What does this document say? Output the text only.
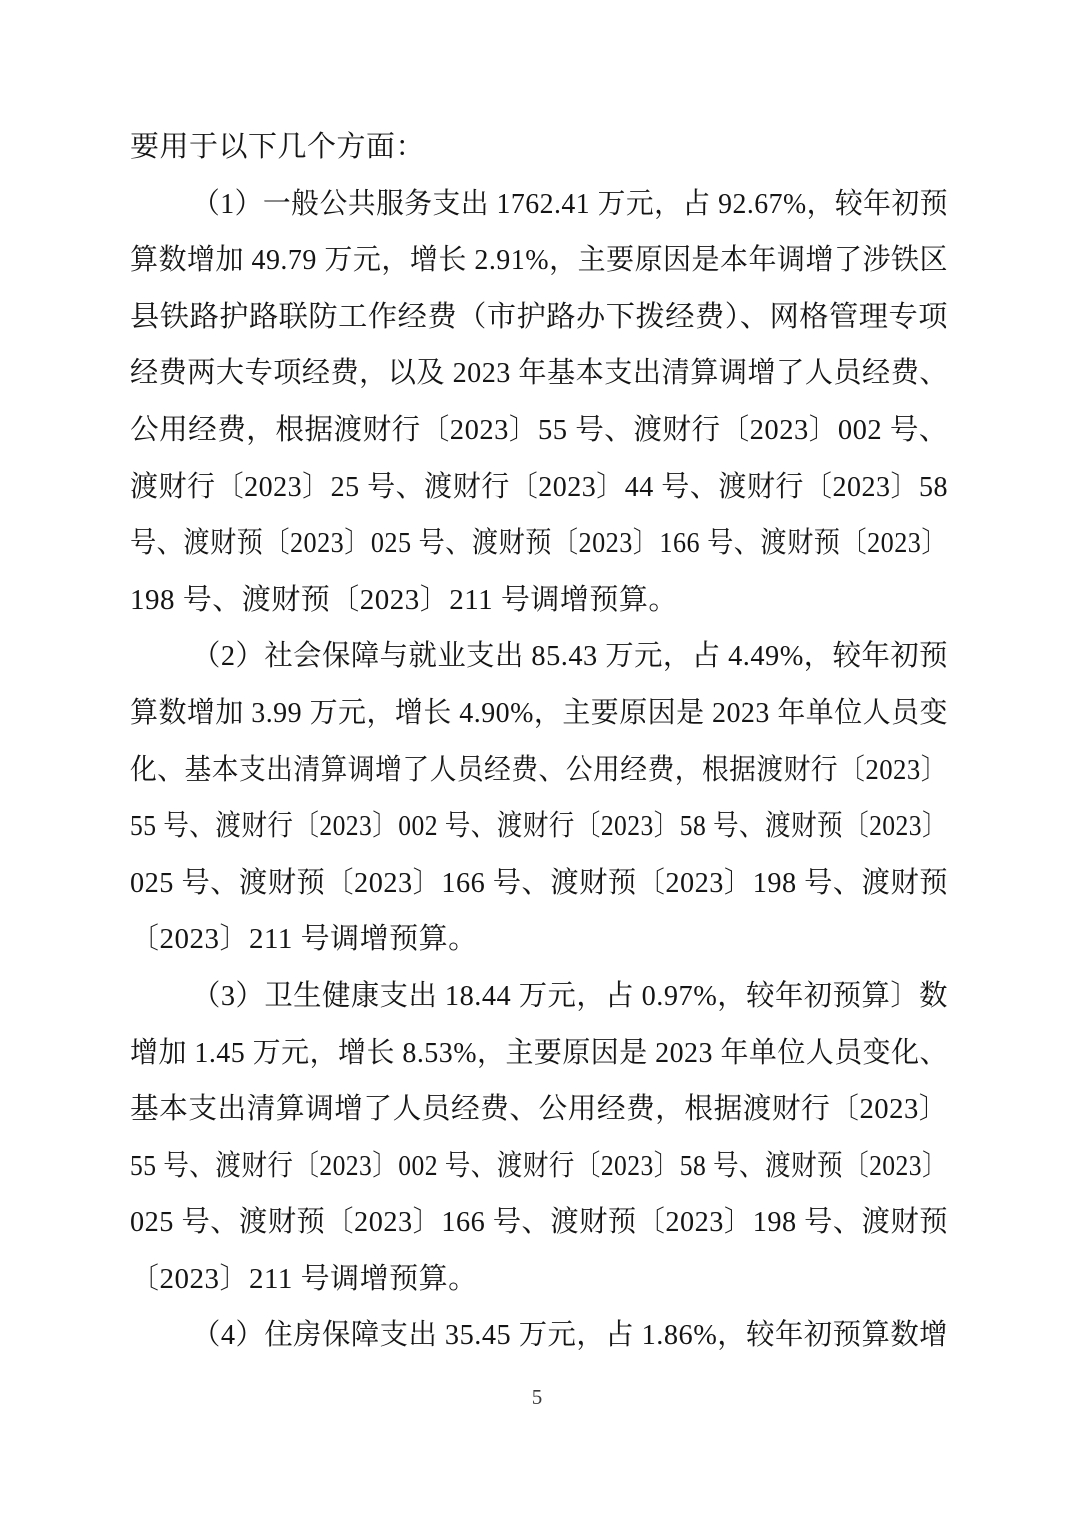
要用于以下几个方面：
（1）一般公共服务支出 1762.41 万元，占 92.67%，较年初预
算数增加 49.79 万元，增长 2.91%，主要原因是本年调增了涉铁区
县铁路护路联防工作经费（市护路办下拨经费）、网格管理专项
经费两大专项经费，以及 2023 年基本支出清算调增了人员经费、
公用经费，根据渡财行〔2023〕55 号、渡财行〔2023〕002 号、
渡财行〔2023〕25 号、渡财行〔2023〕44 号、渡财行〔2023〕58
号、渡财预〔2023〕025 号、渡财预〔2023〕166 号、渡财预〔2023〕
198 号、渡财预〔2023〕211 号调增预算。
（2）社会保障与就业支出 85.43 万元，占 4.49%，较年初预
算数增加 3.99 万元，增长 4.90%，主要原因是 2023 年单位人员变
化、基本支出清算调增了人员经费、公用经费，根据渡财行〔2023〕
55 号、渡财行〔2023〕002 号、渡财行〔2023〕58 号、渡财预〔2023〕
025 号、渡财预〔2023〕166 号、渡财预〔2023〕198 号、渡财预
〔2023〕211 号调增预算。
（3）卫生健康支出 18.44 万元，占 0.97%，较年初预算〕数
增加 1.45 万元，增长 8.53%，主要原因是 2023 年单位人员变化、
基本支出清算调增了人员经费、公用经费，根据渡财行〔2023〕
55 号、渡财行〔2023〕002 号、渡财行〔2023〕58 号、渡财预〔2023〕
025 号、渡财预〔2023〕166 号、渡财预〔2023〕198 号、渡财预
〔2023〕211 号调增预算。
（4）住房保障支出 35.45 万元，占 1.86%，较年初预算数增
5
